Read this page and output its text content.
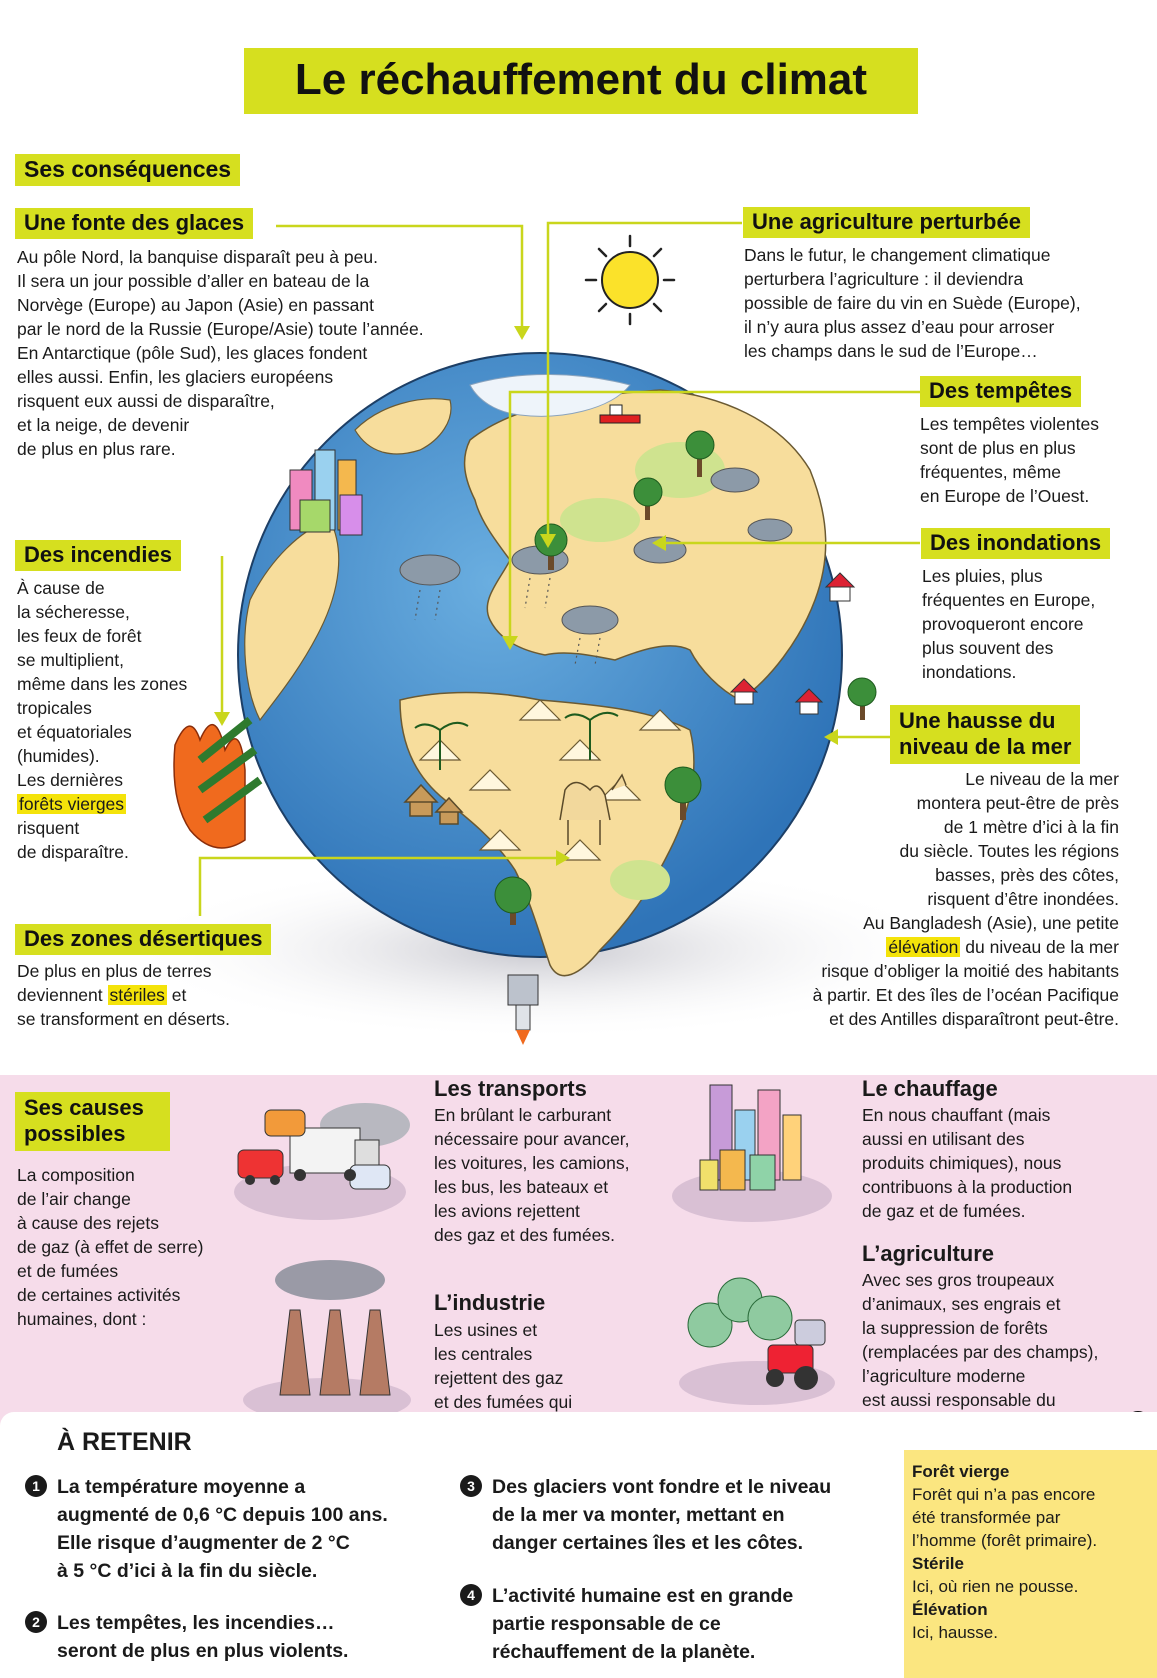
Le réchauffement du climat
Ses conséquences
Une fonte des glaces
Au pôle Nord, la banquise disparaît peu à peu.
Il sera un jour possible d’aller en bateau de la
Norvège (Europe) au Japon (Asie) en passant
par le nord de la Russie (Europe/Asie) toute l’année.
En Antarctique (pôle Sud), les glaces fondent
elles aussi. Enfin, les glaciers européens
risquent eux aussi de disparaître,
et la neige, de devenir
de plus en plus rare.
Une agriculture perturbée
Dans le futur, le changement climatique
perturbera l’agriculture : il deviendra
possible de faire du vin en Suède (Europe),
il n’y aura plus assez d’eau pour arroser
les champs dans le sud de l’Europe…
Des tempêtes
Les tempêtes violentes
sont de plus en plus
fréquentes, même
en Europe de l’Ouest.
Des inondations
Les pluies, plus
fréquentes en Europe,
provoqueront encore
plus souvent des
inondations.
Des incendies
À cause de
la sécheresse,
les feux de forêt
se multiplient,
même dans les zones
tropicales
et équatoriales
(humides).
Les dernières
forêts vierges
risquent
de disparaître.
Une hausse du
niveau de la mer
Le niveau de la mer
montera peut-être de près
de 1 mètre d’ici à la fin
du siècle. Toutes les régions
basses, près des côtes,
risquent d’être inondées.
Au Bangladesh (Asie), une petite
élévation du niveau de la mer
risque d’obliger la moitié des habitants
à partir. Et des îles de l’océan Pacifique
et des Antilles disparaîtront peut-être.
Des zones désertiques
De plus en plus de terres
deviennent stériles et
se transforment en déserts.
Ses causes
possibles
La composition
de l’air change
à cause des rejets
de gaz (à effet de serre)
et de fumées
de certaines activités
humaines, dont :
Les transports
En brûlant le carburant
nécessaire pour avancer,
les voitures, les camions,
les bus, les bateaux et
les avions rejettent
des gaz et des fumées.
Le chauffage
En nous chauffant (mais
aussi en utilisant des
produits chimiques), nous
contribuons à la production
de gaz et de fumées.
L’industrie
Les usines et
les centrales
rejettent des gaz
et des fumées qui
L’agriculture
Avec ses gros troupeaux
d’animaux, ses engrais et
la suppression de forêts
(remplacées par des champs),
l’agriculture moderne
est aussi responsable du
À RETENIR
1 La température moyenne a
augmenté de 0,6 °C depuis 100 ans.
Elle risque d’augmenter de 2 °C
à 5 °C d’ici à la fin du siècle.
2 Les tempêtes, les incendies…
seront de plus en plus violents.
3 Des glaciers vont fondre et le niveau
de la mer va monter, mettant en
danger certaines îles et les côtes.
4 L’activité humaine est en grande
partie responsable de ce
réchauffement de la planète.
Forêt vierge
Forêt qui n’a pas encore
été transformée par
l’homme (forêt primaire).
Stérile
Ici, où rien ne pousse.
Élévation
Ici, hausse.
